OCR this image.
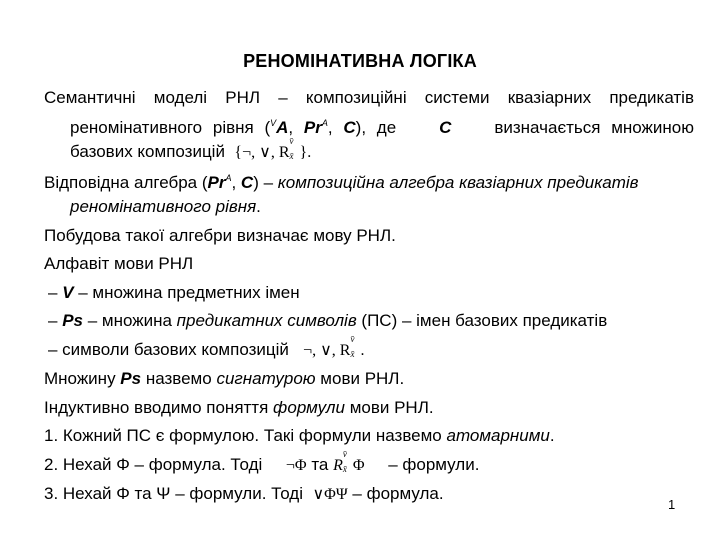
РЕНОМІНАТИВНА ЛОГІКА

Семантичні моделі РНЛ – композиційні системи квазіарних предикатів

реномінативного рівня ($^V$A, $Pr^A$, C), де	C	визначається множиною

базових композицій {¬, ∨, R
v̄
x̄ }.

Відповідна алгебра ($Pr^A$, C) – композиційна алгебра квазіарних предикатів

реномінативного рівня.

Побудова такої алгебри визначає мову РНЛ.

Алфавіт мови РНЛ

– V – множина предметних імен

– Ps – множина предикатних символів (ПС) – імен базових предикатів

– символи базових композицій ¬, ∨, R
v̄
x̄ .

Множину Ps назвемо сигнатурою мови РНЛ.

Індуктивно вводимо поняття формули мови РНЛ.

1. Кожний ПС є формулою. Такі формули назвемо атомарними.

2. Нехай Φ – формула. Тоді ¬Φ та R
v̄
x̄ Φ     – формули.

3. Нехай Φ та Ψ – формули. Тоді ∨ΦΨ – формула.

1
